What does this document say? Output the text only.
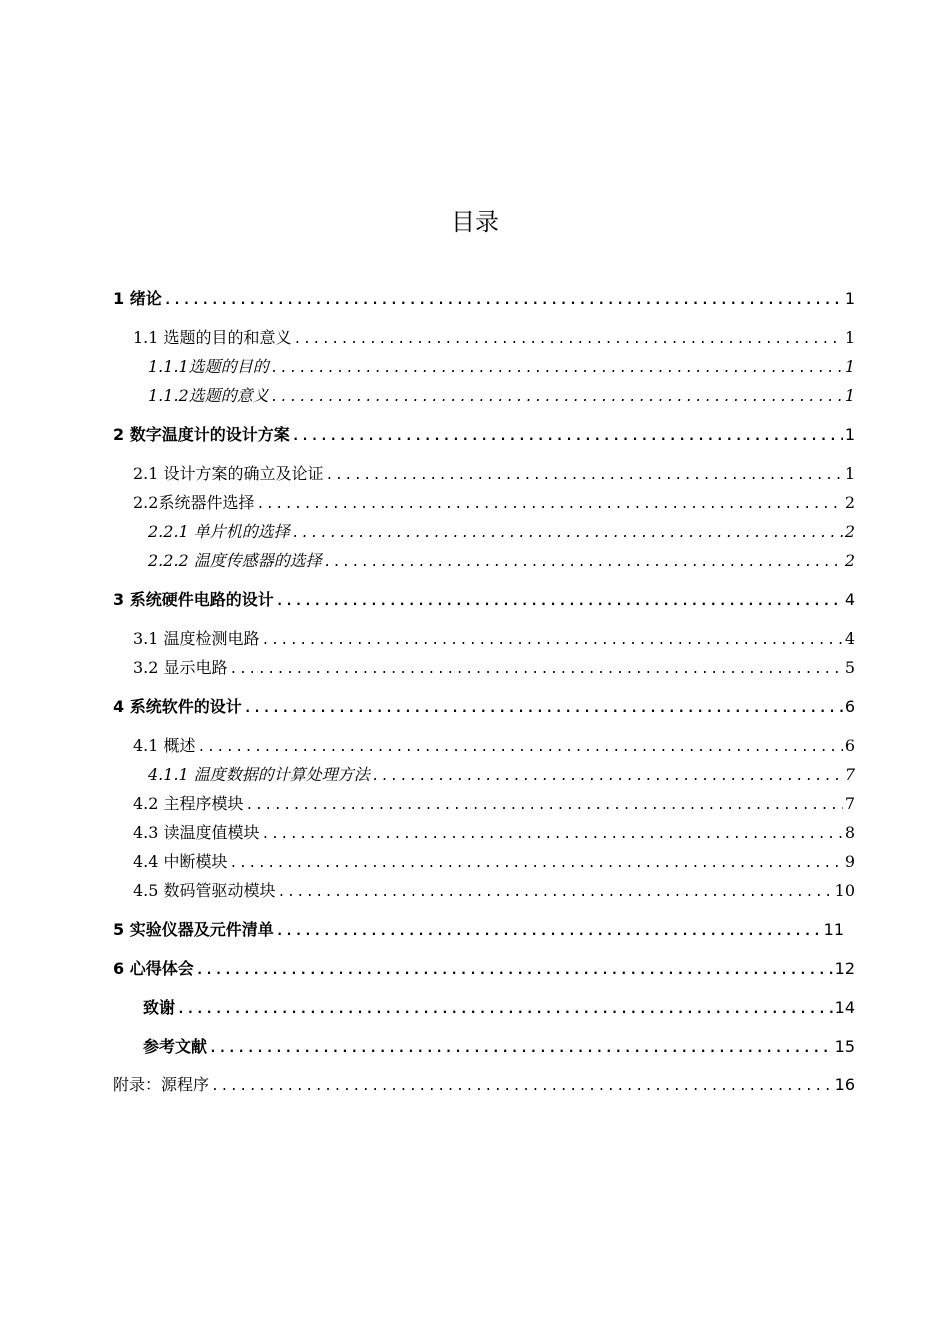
目录
1 绪论 .....	1
1.1 选题的目的和意义 .....	1
1.1.1选题的目的 .....	1
1.1.2选题的意义 .....	1
2 数字温度计的设计方案 .....	1
2.1 设计方案的确立及论证 .....	1
2.2系统器件选择 .....	2
2.2.1 单片机的选择 .....	2
2.2.2 温度传感器的选择 .....	2
3 系统硬件电路的设计 .....	4
3.1 温度检测电路 .....	4
3.2 显示电路 .....	5
4 系统软件的设计 .....	6
4.1 概述 .....	6
4.1.1 温度数据的计算处理方法 .....	7
4.2 主程序模块 .....	7
4.3 读温度值模块 .....	8
4.4 中断模块 .....	9
4.5 数码管驱动模块 .....	10
5 实验仪器及元件清单 .....	11
6 心得体会 .....	12
致谢 .....	14
参考文献 .....	15
附录：源程序 .....	16
